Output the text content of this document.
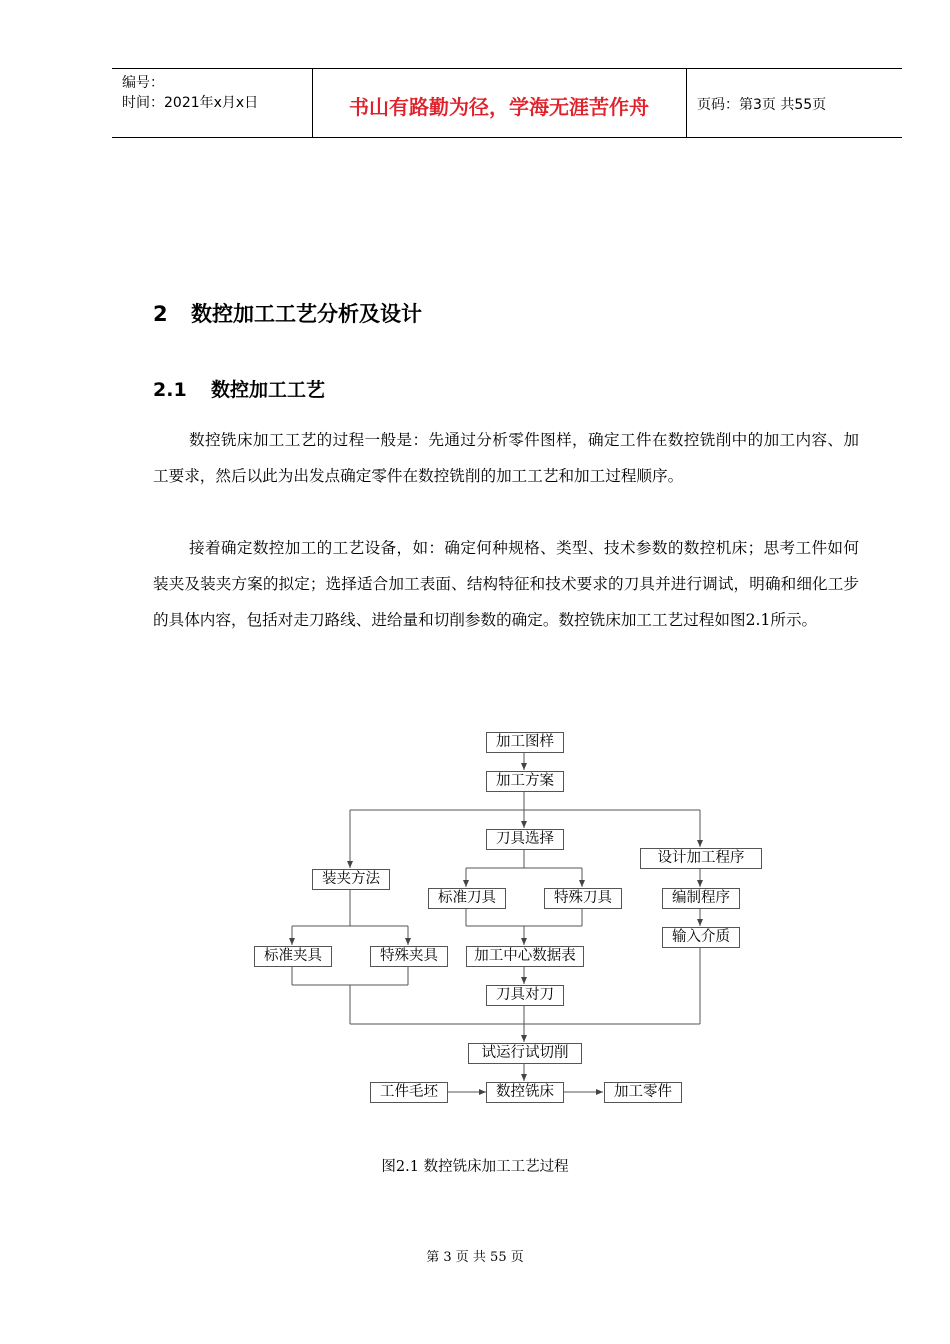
编号：
时间：2021年x月x日	书山有路勤为径，学海无涯苦作舟	页码：第3页 共55页
2 数控加工工艺分析及设计
2.1 数控加工工艺
数控铣床加工工艺的过程一般是：先通过分析零件图样，确定工件在数控铣削中的加工内容、加工要求，然后以此为出发点确定零件在数控铣削的加工工艺和加工过程顺序。
接着确定数控加工的工艺设备，如：确定何种规格、类型、技术参数的数控机床；思考工件如何装夹及装夹方案的拟定；选择适合加工表面、结构特征和技术要求的刀具并进行调试，明确和细化工步的具体内容，包括对走刀路线、进给量和切削参数的确定。数控铣床加工工艺过程如图2.1所示。
加工图样
加工方案
刀具选择
设计加工程序
装夹方法
标准刀具	特殊刀具	编制程序
输入介质
标准夹具	特殊夹具	加工中心数据表
刀具对刀
试运行试切削
工件毛坯	数控铣床	加工零件
图2.1 数控铣床加工工艺过程
第 3 页 共 55 页
